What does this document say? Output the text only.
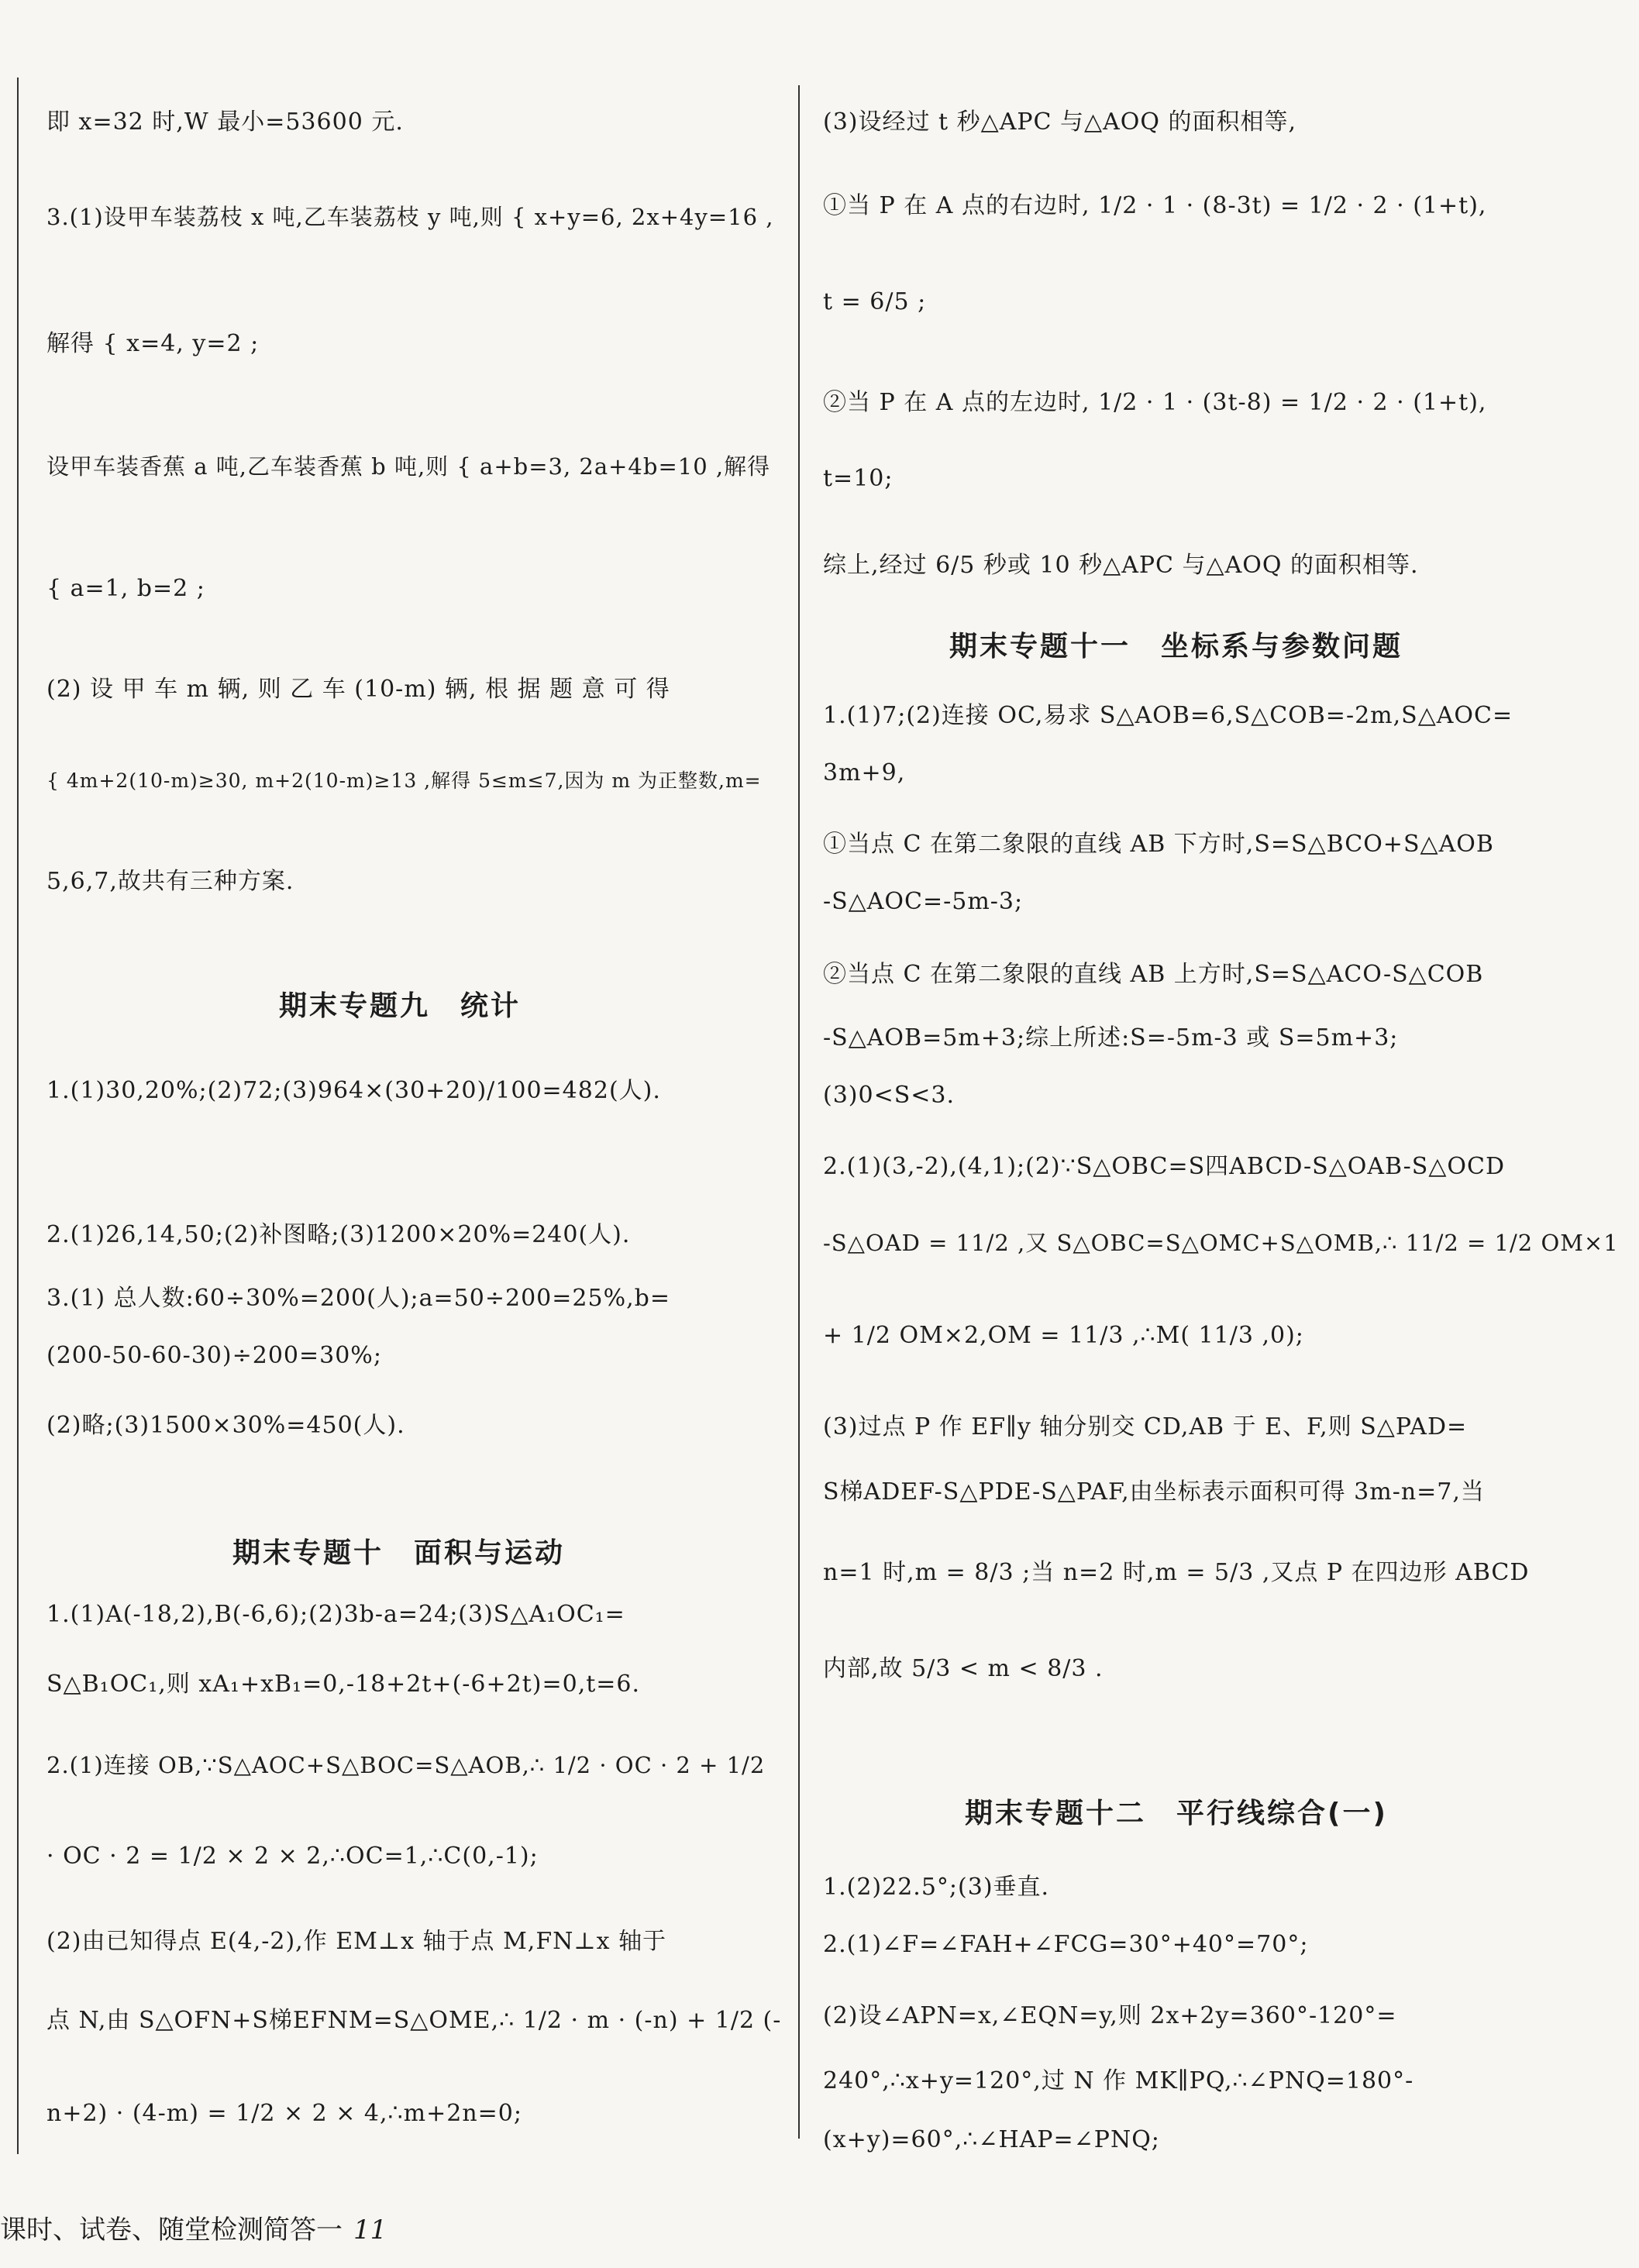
即 x=32 时,W 最小=53600 元.
3.(1)设甲车装荔枝 x 吨,乙车装荔枝 y 吨,则 { x+y=6, 2x+4y=16 ,
解得 { x=4, y=2 ;
设甲车装香蕉 a 吨,乙车装香蕉 b 吨,则 { a+b=3, 2a+4b=10 ,解得
{ a=1, b=2 ;
(2) 设 甲 车 m 辆, 则 乙 车 (10-m) 辆, 根 据 题 意 可 得
{ 4m+2(10-m)≥30, m+2(10-m)≥13 ,解得 5≤m≤7,因为 m 为正整数,m=
5,6,7,故共有三种方案.
期末专题九　统计
1.(1)30,20%;(2)72;(3)964×(30+20)/100=482(人).
2.(1)26,14,50;(2)补图略;(3)1200×20%=240(人).
3.(1) 总人数:60÷30%=200(人);a=50÷200=25%,b=
(200-50-60-30)÷200=30%;
(2)略;(3)1500×30%=450(人).
期末专题十　面积与运动
1.(1)A(-18,2),B(-6,6);(2)3b-a=24;(3)S△A₁OC₁=
S△B₁OC₁,则 xA₁+xB₁=0,-18+2t+(-6+2t)=0,t=6.
2.(1)连接 OB,∵S△AOC+S△BOC=S△AOB,∴ 1/2 · OC · 2 + 1/2
· OC · 2 = 1/2 × 2 × 2,∴OC=1,∴C(0,-1);
(2)由已知得点 E(4,-2),作 EM⊥x 轴于点 M,FN⊥x 轴于
点 N,由 S△OFN+S梯EFNM=S△OME,∴ 1/2 · m · (-n) + 1/2 (-
n+2) · (4-m) = 1/2 × 2 × 4,∴m+2n=0;
(3)设经过 t 秒△APC 与△AOQ 的面积相等,
①当 P 在 A 点的右边时, 1/2 · 1 · (8-3t) = 1/2 · 2 · (1+t),
t = 6/5 ;
②当 P 在 A 点的左边时, 1/2 · 1 · (3t-8) = 1/2 · 2 · (1+t),
t=10;
综上,经过 6/5 秒或 10 秒△APC 与△AOQ 的面积相等.
期末专题十一　坐标系与参数问题
1.(1)7;(2)连接 OC,易求 S△AOB=6,S△COB=-2m,S△AOC=
3m+9,
①当点 C 在第二象限的直线 AB 下方时,S=S△BCO+S△AOB
-S△AOC=-5m-3;
②当点 C 在第二象限的直线 AB 上方时,S=S△ACO-S△COB
-S△AOB=5m+3;综上所述:S=-5m-3 或 S=5m+3;
(3)0<S<3.
2.(1)(3,-2),(4,1);(2)∵S△OBC=S四ABCD-S△OAB-S△OCD
-S△OAD = 11/2 ,又 S△OBC=S△OMC+S△OMB,∴ 11/2 = 1/2 OM×1
+ 1/2 OM×2,OM = 11/3 ,∴M( 11/3 ,0);
(3)过点 P 作 EF∥y 轴分别交 CD,AB 于 E、F,则 S△PAD=
S梯ADEF-S△PDE-S△PAF,由坐标表示面积可得 3m-n=7,当
n=1 时,m = 8/3 ;当 n=2 时,m = 5/3 ,又点 P 在四边形 ABCD
内部,故 5/3 < m < 8/3 .
期末专题十二　平行线综合(一)
1.(2)22.5°;(3)垂直.
2.(1)∠F=∠FAH+∠FCG=30°+40°=70°;
(2)设∠APN=x,∠EQN=y,则 2x+2y=360°-120°=
240°,∴x+y=120°,过 N 作 MK∥PQ,∴∠PNQ=180°-
(x+y)=60°,∴∠HAP=∠PNQ;
课时、试卷、随堂检测简答一 11
